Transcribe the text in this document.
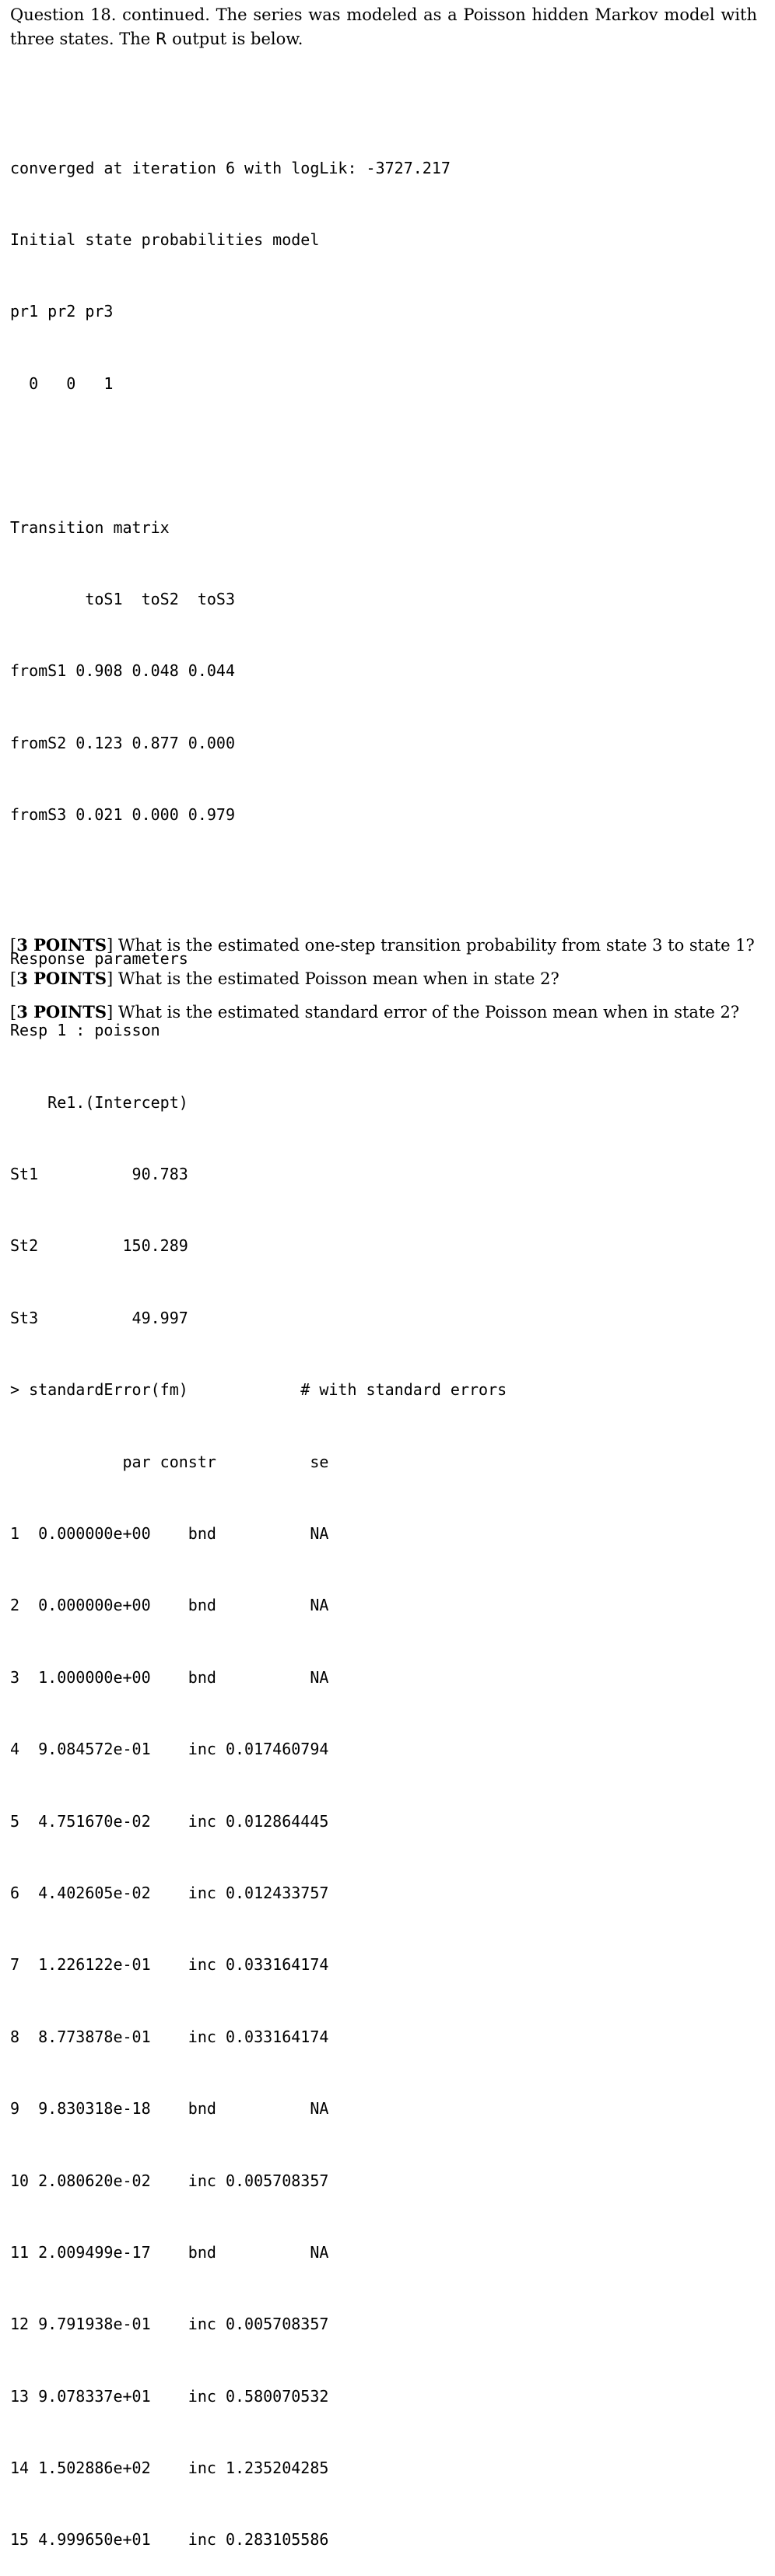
Question 18. continued. The series was modeled as a Poisson hidden Markov model with three states. The R output is below.

converged at iteration 6 with logLik: -3727.217

Initial state probabilities model

pr1 pr2 pr3

0   0   1

Transition matrix

toS1  toS2  toS3

fromS1 0.908 0.048 0.044

fromS2 0.123 0.877 0.000

fromS3 0.021 0.000 0.979

Response parameters

Resp 1 : poisson

Re1.(Intercept)

St1          90.783

St2         150.289

St3          49.997

> standardError(fm)            # with standard errors

par constr          se

1  0.000000e+00    bnd          NA

2  0.000000e+00    bnd          NA

3  1.000000e+00    bnd          NA

4  9.084572e-01    inc 0.017460794

5  4.751670e-02    inc 0.012864445

6  4.402605e-02    inc 0.012433757

7  1.226122e-01    inc 0.033164174

8  8.773878e-01    inc 0.033164174

9  9.830318e-18    bnd          NA

10 2.080620e-02    inc 0.005708357

11 2.009499e-17    bnd          NA

12 9.791938e-01    inc 0.005708357

13 9.078337e+01    inc 0.580070532

14 1.502886e+02    inc 1.235204285

15 4.999650e+01    inc 0.283105586

[3 POINTS] What is the estimated one-step transition probability from state 3 to state 1?

[3 POINTS] What is the estimated Poisson mean when in state 2?

[3 POINTS] What is the estimated standard error of the Poisson mean when in state 2?
